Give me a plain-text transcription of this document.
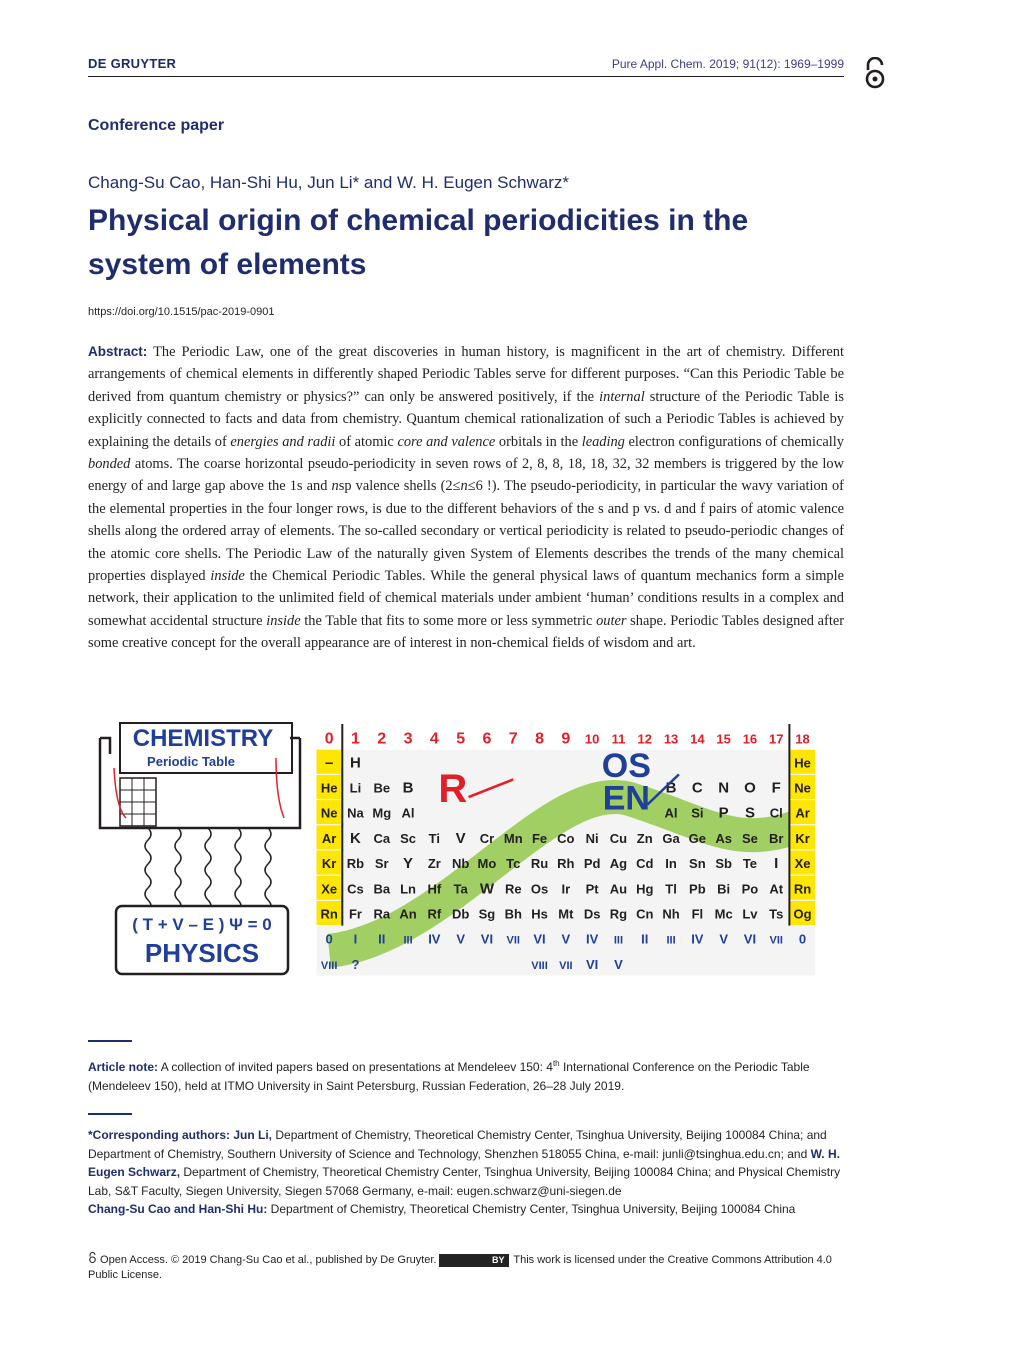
DE GRUYTER	Pure Appl. Chem. 2019; 91(12): 1969–1999
Conference paper
Chang-Su Cao, Han-Shi Hu, Jun Li* and W. H. Eugen Schwarz*
Physical origin of chemical periodicities in the system of elements
https://doi.org/10.1515/pac-2019-0901
Abstract: The Periodic Law, one of the great discoveries in human history, is magnificent in the art of chemistry. Different arrangements of chemical elements in differently shaped Periodic Tables serve for different purposes. “Can this Periodic Table be derived from quantum chemistry or physics?” can only be answered positively, if the internal structure of the Periodic Table is explicitly connected to facts and data from chemistry. Quantum chemical rationalization of such a Periodic Tables is achieved by explaining the details of energies and radii of atomic core and valence orbitals in the leading electron configurations of chemically bonded atoms. The coarse horizontal pseudo-periodicity in seven rows of 2, 8, 8, 18, 18, 32, 32 members is triggered by the low energy of and large gap above the 1s and nsp valence shells (2≤n≤6 !). The pseudo-periodicity, in particular the wavy variation of the elemental properties in the four longer rows, is due to the different behaviors of the s and p vs. d and f pairs of atomic valence shells along the ordered array of elements. The so-called secondary or vertical periodicity is related to pseudo-periodic changes of the atomic core shells. The Periodic Law of the naturally given System of Elements describes the trends of the many chemical properties displayed inside the Chemical Periodic Tables. While the general physical laws of quantum mechanics form a simple network, their application to the unlimited field of chemical materials under ambient ‘human’ conditions results in a complex and somewhat accidental structure inside the Table that fits to some more or less symmetric outer shape. Periodic Tables designed after some creative concept for the overall appearance are of interest in non-chemical fields of wisdom and art.
CHEMISTRY
Periodic Table
( T + V – E ) Ψ = 0
PHYSICS
0 1 2 3 4 5 6 7 8 9 10 11 12 13 14 15 16 17 18
– H	He
He Li Be B	B C N O F Ne
Ne Na Mg Al	Al Si P S Cl Ar
Ar K Ca Sc Ti V Cr Mn Fe Co Ni Cu Zn Ga Ge As Se Br Kr
Kr Rb Sr Y Zr Nb Mo Tc Ru Rh Pd Ag Cd In Sn Sb Te I Xe
Xe Cs Ba Ln Hf Ta W Re Os Ir Pt Au Hg Tl Pb Bi Po At Rn
Rn Fr Ra An Rf Db Sg Bh Hs Mt Ds Rg Cn Nh Fl Mc Lv Ts Og
0 I II III IV V VI VII VI V IV III II III IV V VI VII 0
VIII ?	VIII VII VI V
R
OS
EN
Article note: A collection of invited papers based on presentations at Mendeleev 150: 4th International Conference on the Periodic Table (Mendeleev 150), held at ITMO University in Saint Petersburg, Russian Federation, 26–28 July 2019.
*Corresponding authors: Jun Li, Department of Chemistry, Theoretical Chemistry Center, Tsinghua University, Beijing 100084 China; and Department of Chemistry, Southern University of Science and Technology, Shenzhen 518055 China, e-mail: junli@tsinghua.edu.cn; and W. H. Eugen Schwarz, Department of Chemistry, Theoretical Chemistry Center, Tsinghua University, Beijing 100084 China; and Physical Chemistry Lab, S&T Faculty, Siegen University, Siegen 57068 Germany, e-mail: eugen.schwarz@uni-siegen.de
Chang-Su Cao and Han-Shi Hu: Department of Chemistry, Theoretical Chemistry Center, Tsinghua University, Beijing 100084 China
Open Access. © 2019 Chang-Su Cao et al., published by De Gruyter.	BY This work is licensed under the Creative Commons Attribution 4.0 Public License.
